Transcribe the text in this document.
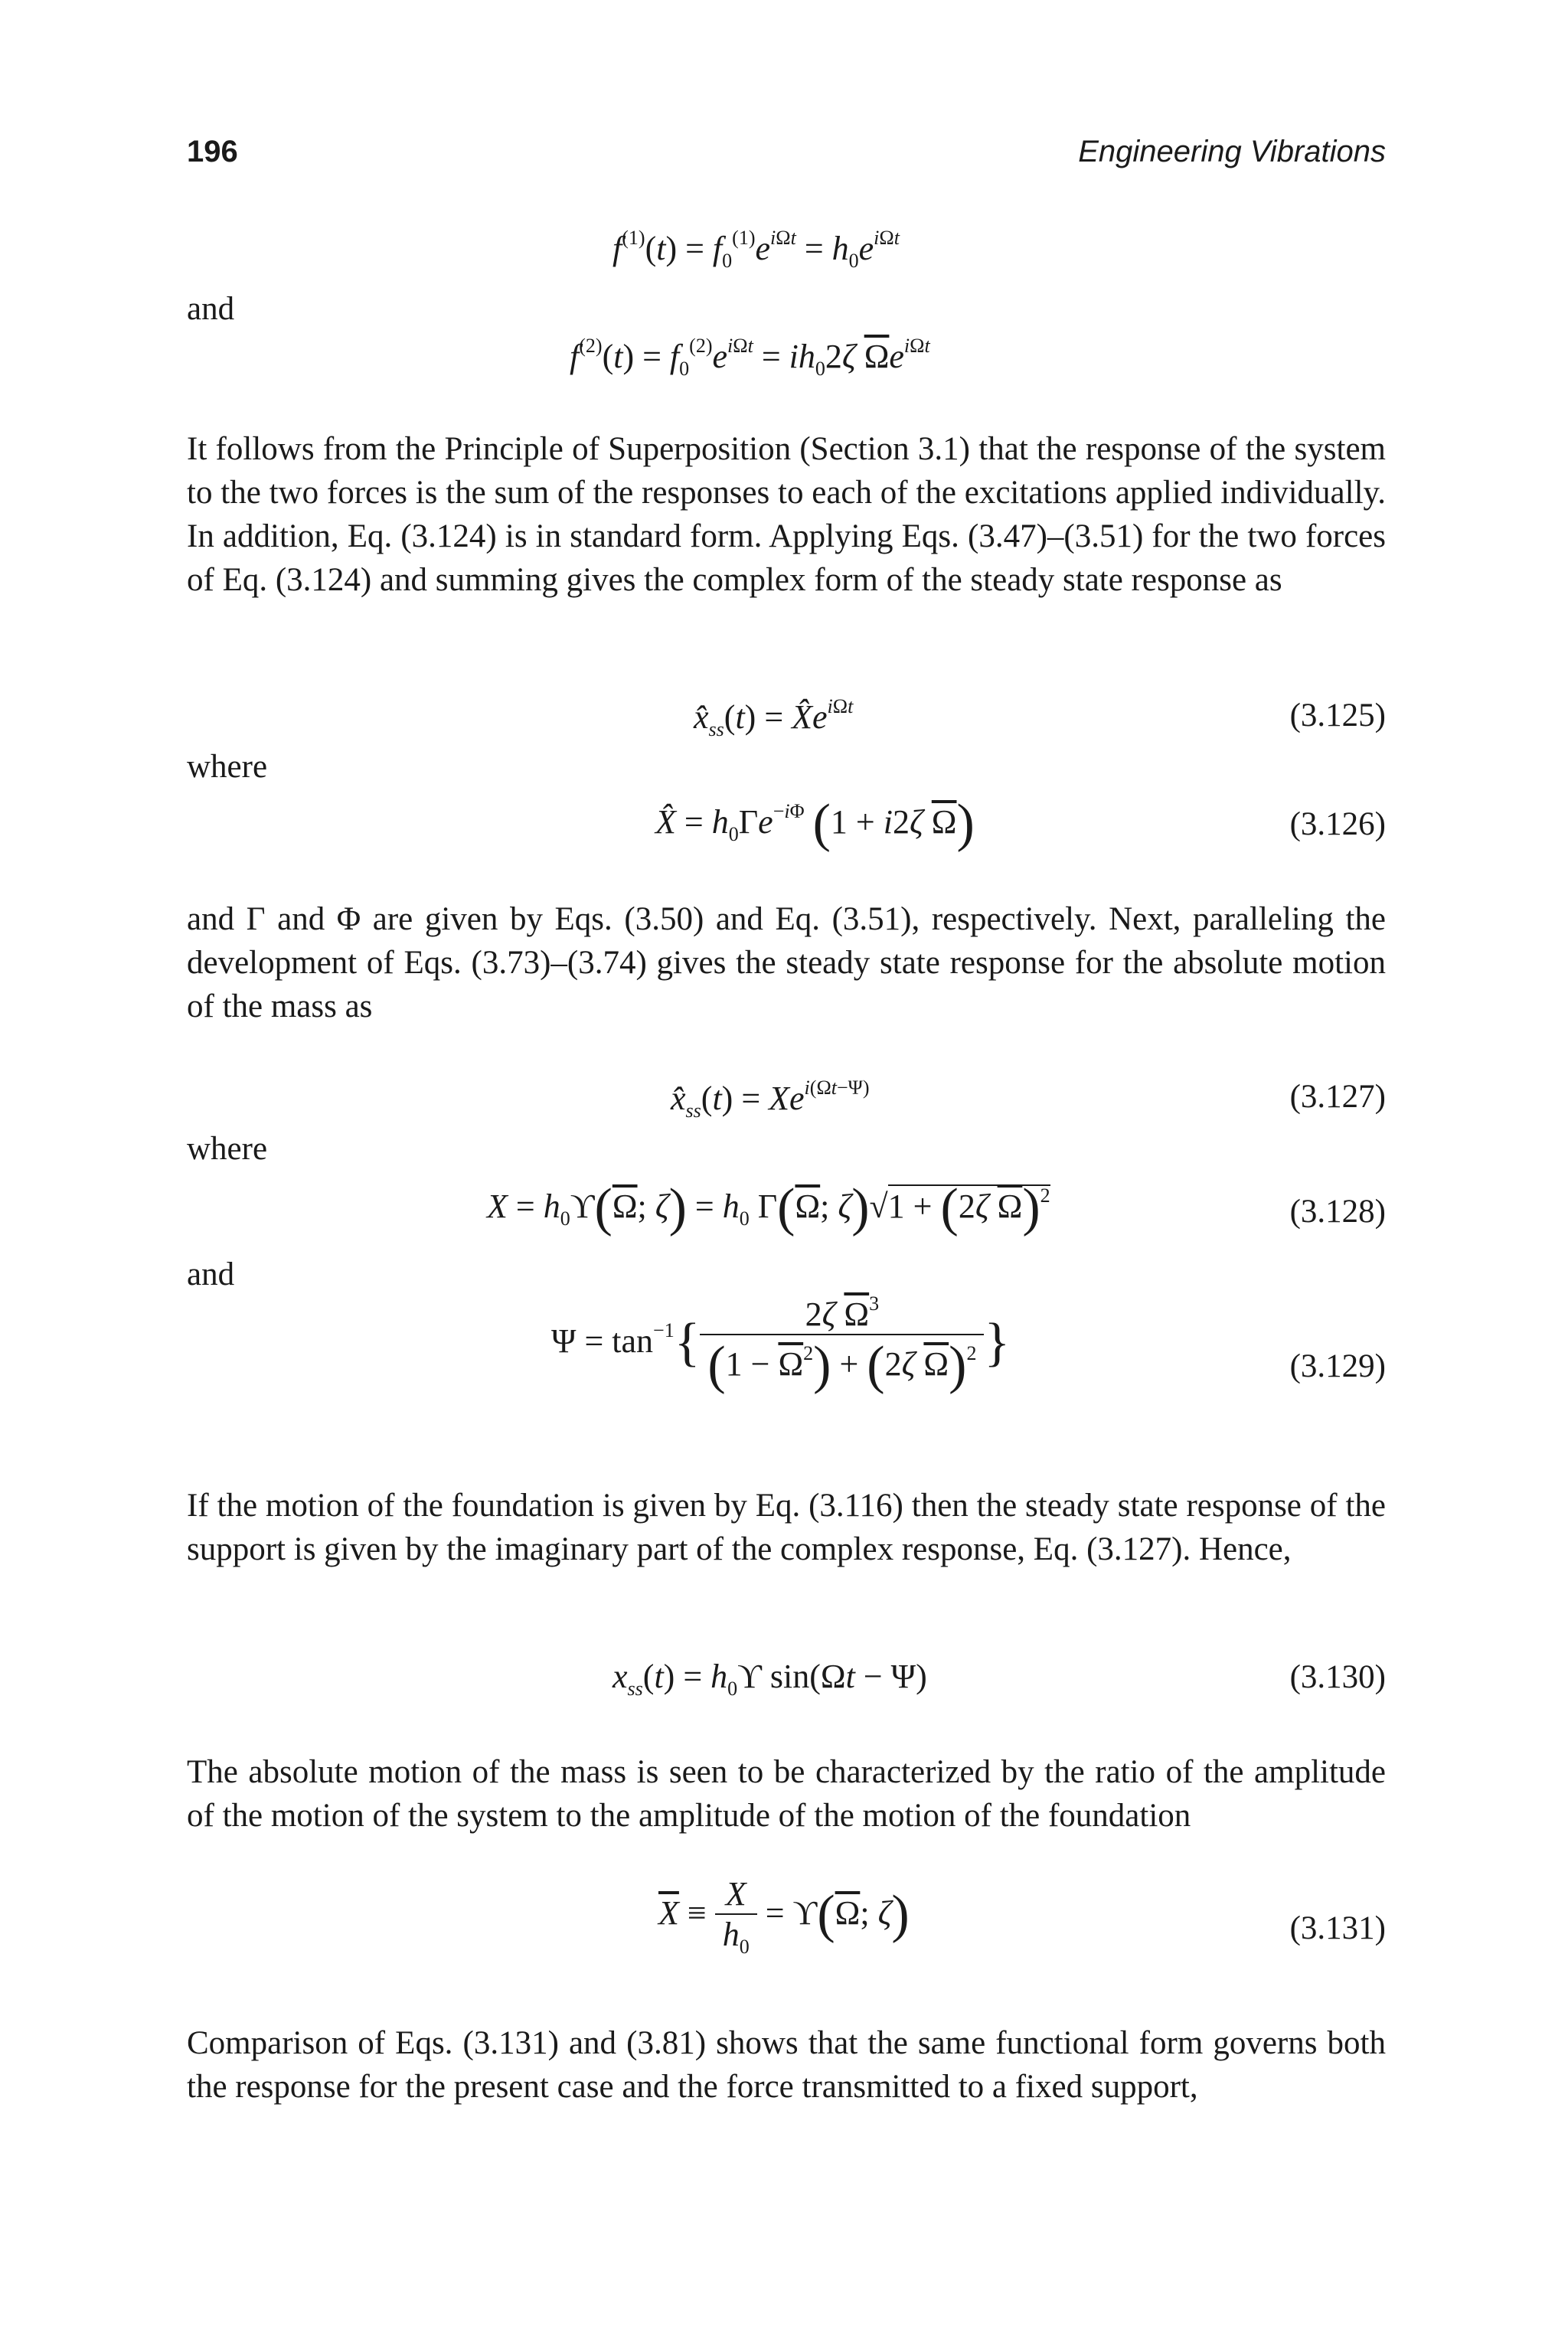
196	Engineering Vibrations
$f^{(1)}(t) = f_0^{(1)}e^{i\Omega t} = h_0e^{i\Omega t}$
and
$f^{(2)}(t) = f_0^{(2)}e^{i\Omega t} = ih_02\zeta$ $\overline{\Omega}e^{i\Omega t}$
It follows from the Principle of Superposition (Section 3.1) that the response of the system to the two forces is the sum of the responses to each of the excitations applied individually. In addition, Eq. (3.124) is in standard form. Applying Eqs. (3.47)–(3.51) for the two forces of Eq. (3.124) and summing gives the complex form of the steady state response as
$x̂_{ss}(t)$ = $X̂e^{i\Omega t}$	(3.125)
where
X̂ = $h_0\Gamma e^{-i\Phi}$ (1 + i2ζ $\overline{\Omega}$)	(3.126)
and Γ and Φ are given by Eqs. (3.50) and Eq. (3.51), respectively. Next, paralleling the development of Eqs. (3.73)–(3.74) gives the steady state response for the absolute motion of the mass as
$x̂_{ss}(t) = Xe^{i(\Omega t-\Psi)}$	(3.127)
where
$X = h_0ϒ(\overline{\Omega}$; $\zeta) = h_0$ $\Gamma(\overline{\Omega}$; ζ)√1 + (2ζ $\overline{\Omega})^2$	(3.128)
and
$\Psi = \tan^{-1}\{ \frac{2\zeta \overline{\Omega}^3}{(1 - \overline{\Omega}^2) + (2\zeta \overline{\Omega})^2}$ }	(3.129)
If the motion of the foundation is given by Eq. (3.116) then the steady state response of the support is given by the imaginary part of the complex response, Eq. (3.127). Hence,
$x_{ss}(t) = h_0ϒ$ sin(Ωt − Ψ)	(3.130)
The absolute motion of the mass is seen to be characterized by the ratio of the amplitude of the motion of the system to the amplitude of the motion of the foundation
$\overline{X} \equiv \frac{X}{h_0} = ϒ(\overline{\Omega}$; ζ)	(3.131)
Comparison of Eqs. (3.131) and (3.81) shows that the same functional form governs both the response for the present case and the force transmitted to a fixed support,
